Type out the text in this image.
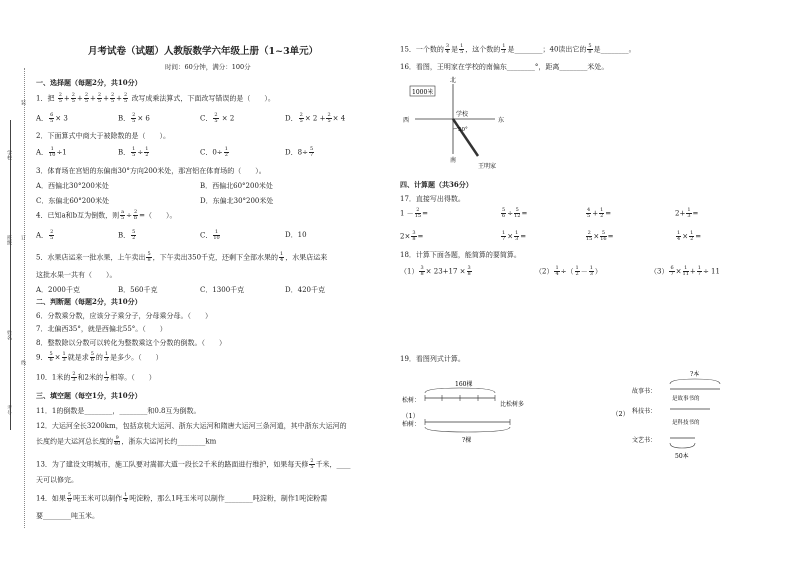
装
订
线
学校
班级
姓名
考号
月考试卷（试题）人教版数学六年级上册（1~3单元）
时间：60分钟，满分：100分
一、选择题（每题2分，共10分）
1．把 $\frac{2}{5} + \frac{2}{5} + \frac{2}{5} + \frac{2}{5} + \frac{2}{5} + \frac{2}{5}$ 改写成乘法算式，下面改写错误的是（　　）。
A． $\frac{6}{5} \times 3$	B． $\frac{2}{5} \times 6$	C． $\frac{2}{5} \times 2$	D． $\frac{2}{5} \times 2 + \frac{2}{5} \times 4$
2．下面算式中商大于被除数的是（　　）。
A． $\frac{1}{10} \div 1$	B． $\frac{1}{5} \div \frac{1}{2}$	C．$0\div \frac{1}{2}$	D．$8\div \frac{5}{7}$
3．体育场在宫铝的东偏南30°方向200米处，那宫铝在体育场的（　　）。
A．西偏北30°200米处	B．西偏北60°200米处
C．东偏北60°200米处	D．东偏北30°200米处
4．已知a和b互为倒数，则 $\frac{a}{5} \div \frac{2}{b}$ =（　　）。
A． $\frac{2}{5}$	B． $\frac{5}{2}$	C． $\frac{1}{10}$	D．10
5．水果店运来一批水果，上午卖出 $\frac{5}{8}$ ，下午卖出350千克，还剩下全部水果的 $\frac{1}{4}$ ，水果店运来
这批水果一共有（　　）。
A．2000千克	B．560千克	C．1300千克	D．420千克
二、判断题（每题2分，共10分）
6．分数乘分数，应该分子乘分子，分母乘分母。（　　）
7．北偏西35°，就是西偏北55°。（　　）
8．整数除以分数可以转化为整数乘这个分数的倒数。（　　）
9． $\frac{5}{6} \times \frac{1}{3}$ 就是求 $\frac{5}{6}$ 的 $\frac{1}{3}$ 是多少。（　　）
10．1米的 $\frac{2}{3}$ 和2米的 $\frac{1}{3}$ 相等。（　　）
三、填空题（每空1分，共10分）
11．1的倒数是________，________和0.8互为倒数。
12．大运河全长3200km，包括京杭大运河、浙东大运河和隋唐大运河三条河道，其中浙东大运河的
长度约是大运河总长度的 $\frac{9}{40}$ ，浙东大运河长约________km
13．为了建设文明城市，施工队要对嵩都大道一段长2千米的路面进行维护，如果每天修 $\frac{2}{5}$ 千米，____
天可以修完。
14．如果 $\frac{5}{8}$ 吨玉米可以制作 $\frac{1}{4}$ 吨淀粉，那么1吨玉米可以制作________吨淀粉，制作1吨淀粉需
要________吨玉米。
15．一个数的 $\frac{3}{4}$ 是 $\frac{1}{5}$ ，这个数的 $\frac{1}{3}$ 是________；40读出它的 $\frac{5}{8}$ 是________。
16．看图，王明家在学校的南偏东________°，距离________米处。
1000米
北
南
西	东
学校
50°
王明家
四、计算题（共36分）
17．直接写出得数。
$1 - \frac{2}{15}$ =	$\frac{5}{6} \div \frac{5}{12}$ =	$\frac{4}{5} + \frac{1}{2}$ =	$2+ \frac{1}{3}$ =
$2\times \frac{3}{8}$ =	$\frac{1}{7} \times \frac{1}{3}$ =	$\frac{2}{15} \times \frac{5}{16}$ =	$\frac{1}{4} \times \frac{1}{2}$ =
18．计算下面各题，能简算的要简算。
$(1) \frac{3}{8} \times 23+17 \times \frac{3}{8}$	$(2) \frac{1}{4}$ ÷（ $\frac{1}{2} - \frac{1}{3}$ ）	$(3) \frac{6}{7} \times \frac{1}{11} + \frac{1}{7} \div 11$
19．看图列式计算。
（1）
160棵
松树：
比松树多
柏树：
?棵
（2）
?本
故事书：
是故事书的
科技书：
是科技书的
文艺书：
50本
